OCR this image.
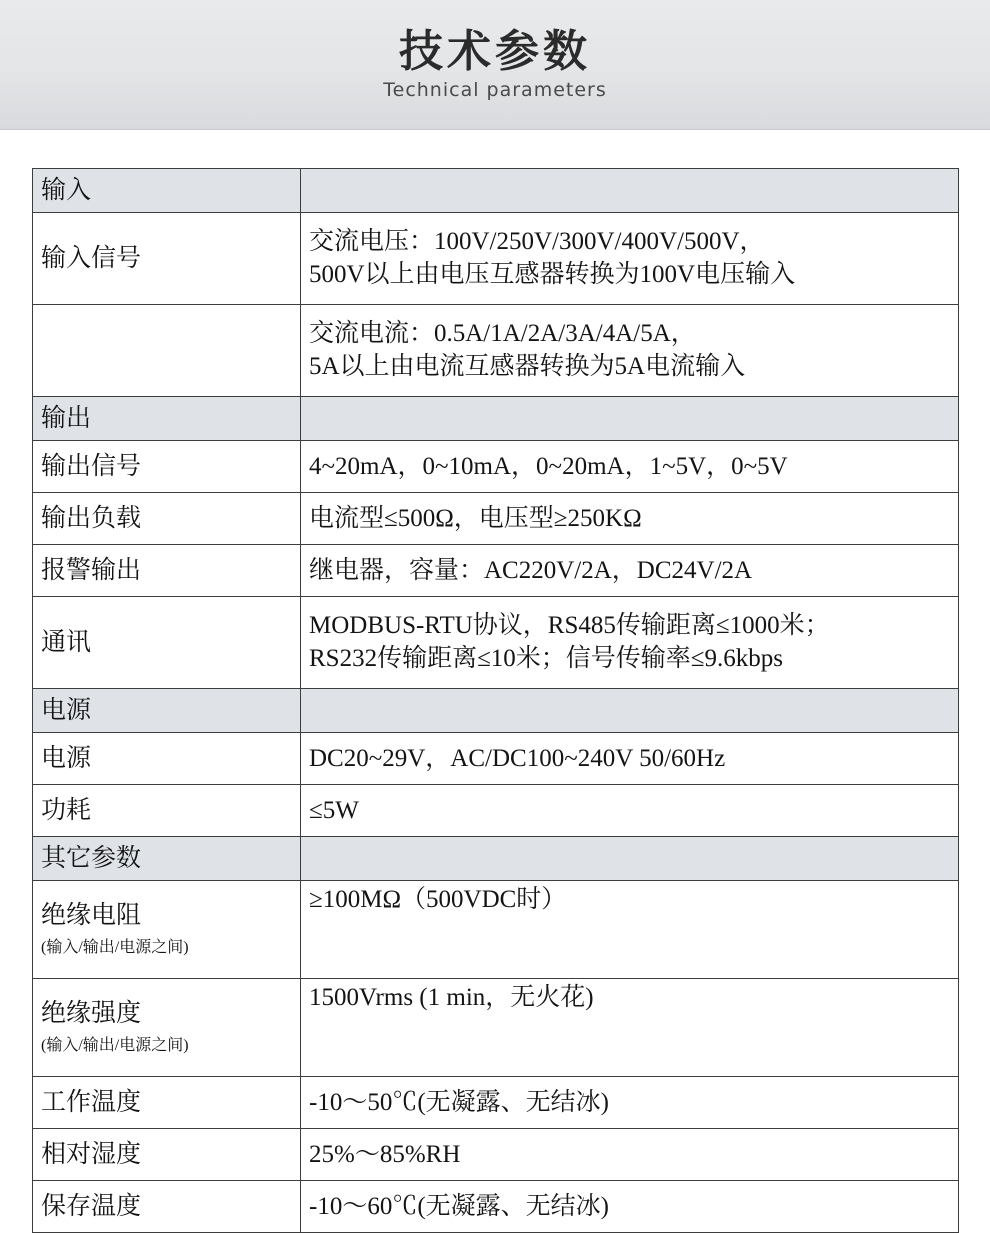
技术参数
Technical parameters
输入	
输入信号	交流电压：100V/250V/300V/400V/500V，
500V以上由电压互感器转换为100V电压输入

	交流电流：0.5A/1A/2A/3A/4A/5A，
5A以上由电流互感器转换为5A电流输入

输出	
输出信号	4~20mA，0~10mA，0~20mA，1~5V，0~5V

输出负载	电流型≤500Ω，电压型≥250KΩ

报警输出	继电器，容量：AC220V/2A，DC24V/2A

通讯	MODBUS-RTU协议，RS485传输距离≤1000米；
RS232传输距离≤10米；信号传输率≤9.6kbps

电源	
电源	DC20~29V，AC/DC100~240V 50/60Hz

功耗	≤5W

其它参数	
绝缘电阻
(输入/输出/电源之间)	≥100MΩ（500VDC时）

绝缘强度
(输入/输出/电源之间)	1500Vrms (1 min，无火花)

工作温度	-10～50℃(无凝露、无结冰)

相对湿度	25%～85%RH

保存温度	-10～60℃(无凝露、无结冰)
